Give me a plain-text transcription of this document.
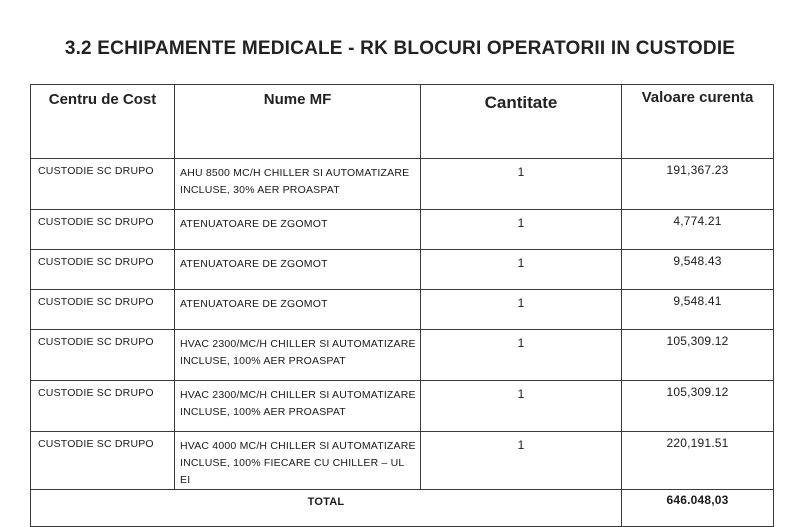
3.2 ECHIPAMENTE MEDICALE - RK BLOCURI OPERATORII IN CUSTODIE
Centru de Cost	Nume MF	Cantitate	Valoare curenta
CUSTODIE SC DRUPO	AHU 8500 MC/H CHILLER SI AUTOMATIZARE INCLUSE, 30% AER PROASPAT	1	191,367.23
CUSTODIE SC DRUPO	ATENUATOARE DE ZGOMOT	1	4,774.21
CUSTODIE SC DRUPO	ATENUATOARE DE ZGOMOT	1	9,548.43
CUSTODIE SC DRUPO	ATENUATOARE DE ZGOMOT	1	9,548.41
CUSTODIE SC DRUPO	HVAC 2300/MC/H CHILLER SI AUTOMATIZARE INCLUSE, 100% AER PROASPAT	1	105,309.12
CUSTODIE SC DRUPO	HVAC 2300/MC/H CHILLER SI AUTOMATIZARE INCLUSE, 100% AER PROASPAT	1	105,309.12
CUSTODIE SC DRUPO	HVAC 4000 MC/H CHILLER SI AUTOMATIZARE INCLUSE, 100% FIECARE CU CHILLER – UL EI	1	220,191.51
TOTAL			646.048,03
